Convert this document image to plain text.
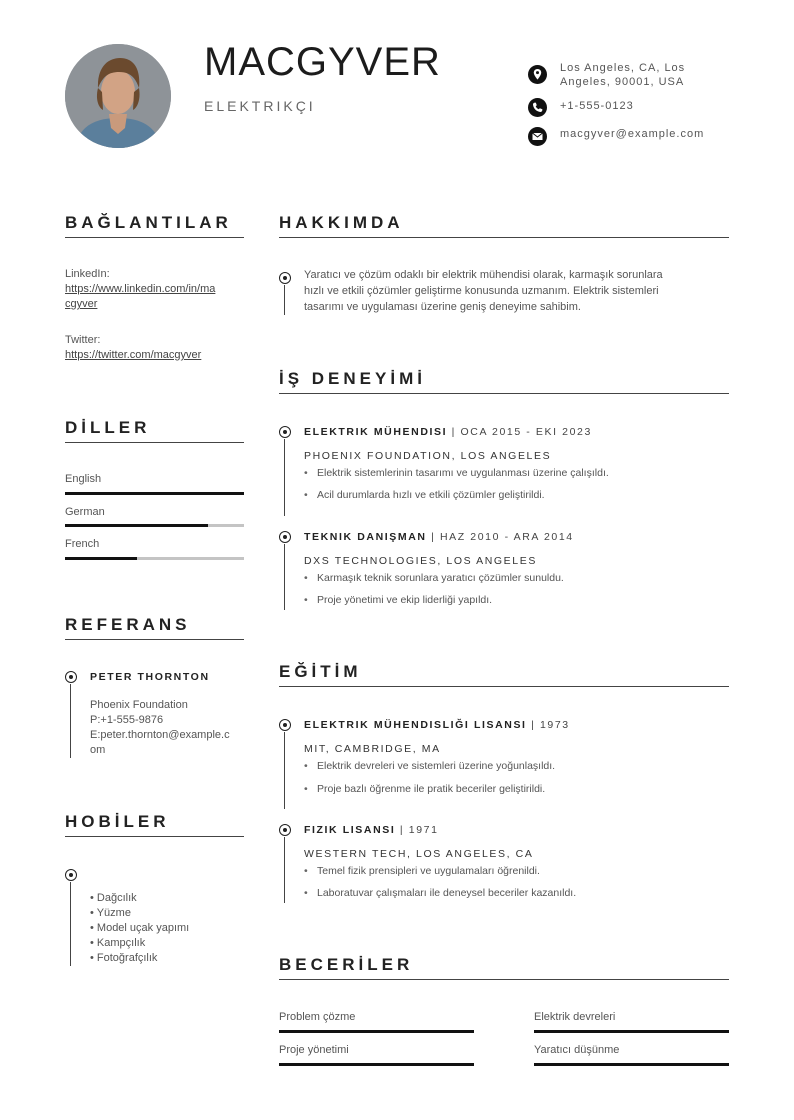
MACGYVER
ELEKTRIKÇI
Los Angeles, CA, Los
Angeles, 90001, USA
+1-555-0123
macgyver@example.com
BAĞLANTILAR
LinkedIn:
https://www.linkedin.com/in/ma
cgyver
Twitter:
https://twitter.com/macgyver
DİLLER
English
German
French
REFERANS
PETER THORNTON
Phoenix Foundation
P:+1-555-9876
E:peter.thornton@example.c
om
HOBİLER
• Dağcılık
• Yüzme
• Model uçak yapımı
• Kampçılık
• Fotoğrafçılık
HAKKIMDA
Yaratıcı ve çözüm odaklı bir elektrik mühendisi olarak, karmaşık sorunlara
hızlı ve etkili çözümler geliştirme konusunda uzmanım. Elektrik sistemleri
tasarımı ve uygulaması üzerine geniş deneyime sahibim.
İŞ DENEYİMİ
ELEKTRIK MÜHENDISI | OCA 2015 - EKI 2023
PHOENIX FOUNDATION, LOS ANGELES
• Elektrik sistemlerinin tasarımı ve uygulanması üzerine çalışıldı.
• Acil durumlarda hızlı ve etkili çözümler geliştirildi.
TEKNIK DANIŞMAN | HAZ 2010 - ARA 2014
DXS TECHNOLOGIES, LOS ANGELES
• Karmaşık teknik sorunlara yaratıcı çözümler sunuldu.
• Proje yönetimi ve ekip liderliği yapıldı.
EĞİTİM
ELEKTRIK MÜHENDISLIĞI LISANSI | 1973
MIT, CAMBRIDGE, MA
• Elektrik devreleri ve sistemleri üzerine yoğunlaşıldı.
• Proje bazlı öğrenme ile pratik beceriler geliştirildi.
FIZIK LISANSI | 1971
WESTERN TECH, LOS ANGELES, CA
• Temel fizik prensipleri ve uygulamaları öğrenildi.
• Laboratuvar çalışmaları ile deneysel beceriler kazanıldı.
BECERİLER
Problem çözme	Elektrik devreleri
Proje yönetimi	Yaratıcı düşünme
